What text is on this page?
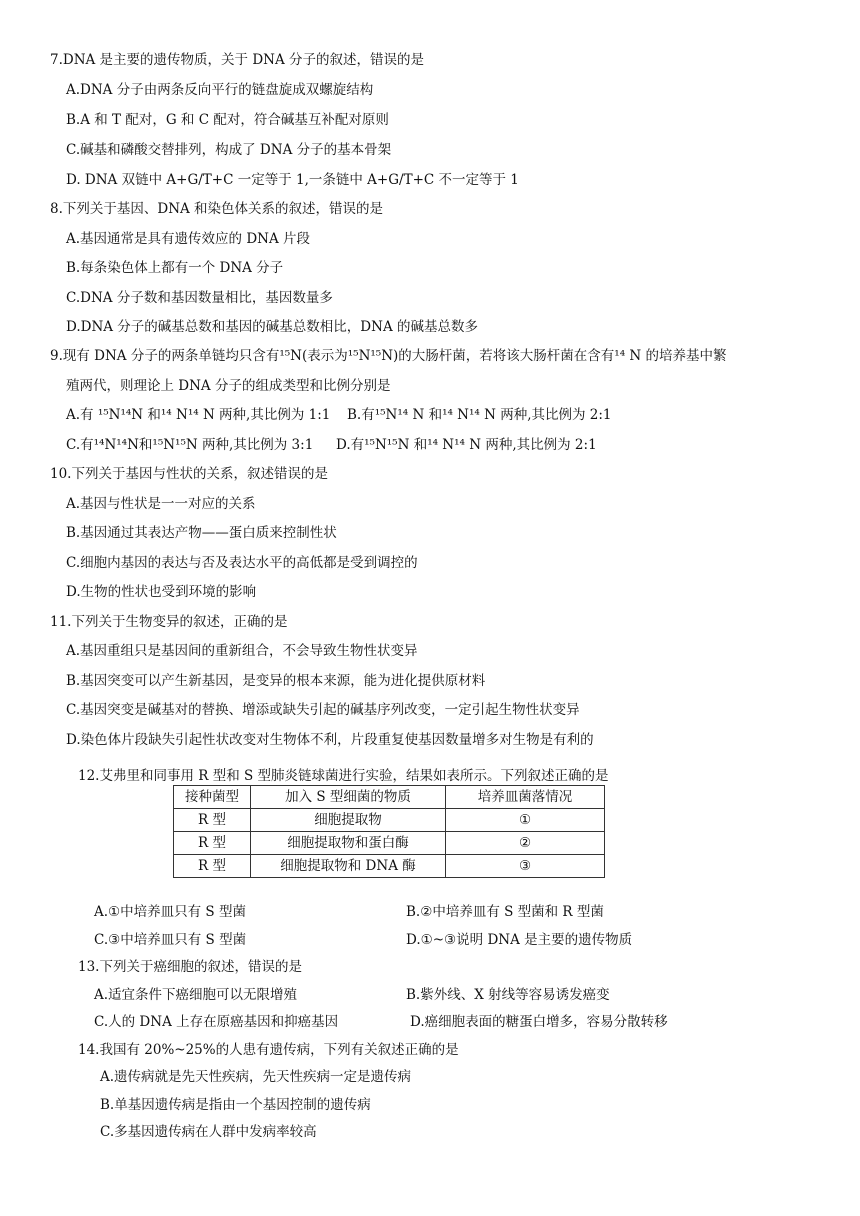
7.DNA 是主要的遗传物质，关于 DNA 分子的叙述，错误的是
A.DNA 分子由两条反向平行的链盘旋成双螺旋结构
B.A 和 T 配对，G 和 C 配对，符合碱基互补配对原则
C.碱基和磷酸交替排列，构成了 DNA 分子的基本骨架
D. DNA 双链中 A+G/T+C 一定等于 1,一条链中 A+G/T+C 不一定等于 1
8.下列关于基因、DNA 和染色体关系的叙述，错误的是
A.基因通常是具有遗传效应的 DNA 片段
B.每条染色体上都有一个 DNA 分子
C.DNA 分子数和基因数量相比，基因数量多
D.DNA 分子的碱基总数和基因的碱基总数相比，DNA 的碱基总数多
9.现有 DNA 分子的两条单链均只含有¹⁵N(表示为¹⁵N¹⁵N)的大肠杆菌，若将该大肠杆菌在含有¹⁴ N 的培养基中繁
殖两代，则理论上 DNA 分子的组成类型和比例分别是
A.有 ¹⁵N¹⁴N 和¹⁴ N¹⁴ N 两种,其比例为 1:1 B.有¹⁵N¹⁴ N 和¹⁴ N¹⁴ N 两种,其比例为 2:1
C.有¹⁴N¹⁴N和¹⁵N¹⁵N 两种,其比例为 3:1 D.有¹⁵N¹⁵N 和¹⁴ N¹⁴ N 两种,其比例为 2:1
10.下列关于基因与性状的关系，叙述错误的是
A.基因与性状是一一对应的关系
B.基因通过其表达产物——蛋白质来控制性状
C.细胞内基因的表达与否及表达水平的高低都是受到调控的
D.生物的性状也受到环境的影响
11.下列关于生物变异的叙述，正确的是
A.基因重组只是基因间的重新组合，不会导致生物性状变异
B.基因突变可以产生新基因，是变异的根本来源，能为进化提供原材料
C.基因突变是碱基对的替换、增添或缺失引起的碱基序列改变，一定引起生物性状变异
D.染色体片段缺失引起性状改变对生物体不利，片段重复使基因数量增多对生物是有利的
12.艾弗里和同事用 R 型和 S 型肺炎链球菌进行实验，结果如表所示。下列叙述正确的是
接种菌型	加入 S 型细菌的物质	培养皿菌落情况
R 型	细胞提取物	①
R 型	细胞提取物和蛋白酶	②
R 型	细胞提取物和 DNA 酶	③
A.①中培养皿只有 S 型菌	B.②中培养皿有 S 型菌和 R 型菌
C.③中培养皿只有 S 型菌	D.①~③说明 DNA 是主要的遗传物质
13.下列关于癌细胞的叙述，错误的是
A.适宜条件下癌细胞可以无限增殖	B.紫外线、X 射线等容易诱发癌变
C.人的 DNA 上存在原癌基因和抑癌基因	D.癌细胞表面的糖蛋白增多，容易分散转移
14.我国有 20%~25%的人患有遗传病，下列有关叙述正确的是
A.遗传病就是先天性疾病，先天性疾病一定是遗传病
B.单基因遗传病是指由一个基因控制的遗传病
C.多基因遗传病在人群中发病率较高
